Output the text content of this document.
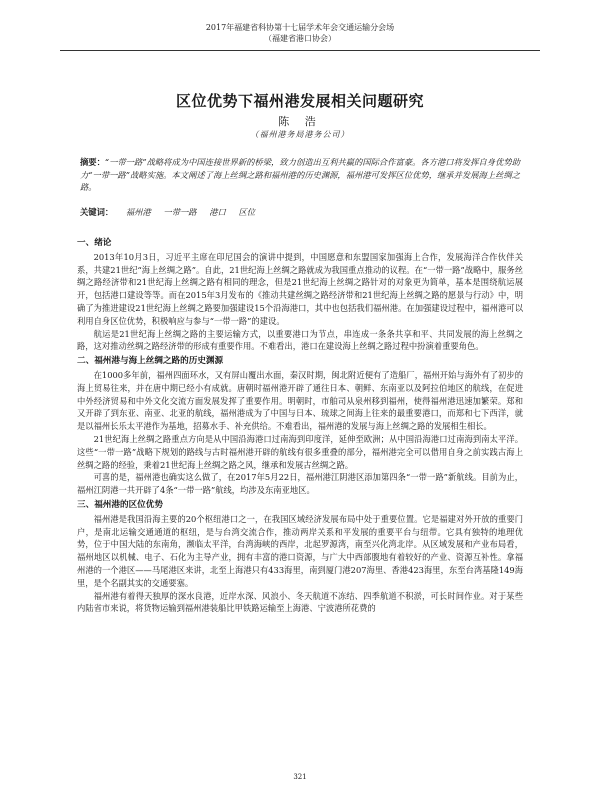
2017年福建省科协第十七届学术年会交通运输分会场
（福建省港口协会）
区位优势下福州港发展相关问题研究
陈 浩
（福州港务局港务公司）
摘要：“一带一路”战略将成为中国连接世界新的桥梁，致力创造出互利共赢的国际合作富豪。各方港口将发挥自身优势助力“一带一路”战略实施。本文阐述了海上丝绸之路和福州港的历史渊源，福州港可发挥区位优势，继承并发展海上丝绸之路。
关键词： 福州港 一带一路 港口 区位
一、绪论

2013年10月3日，习近平主席在印尼国会的演讲中提到，中国愿意和东盟国家加强海上合作，发展海洋合作伙伴关系，共建21世纪“海上丝绸之路”。自此，21世纪海上丝绸之路就成为我国重点推动的议程。在“一带一路”战略中，服务丝绸之路经济带和21世纪海上丝绸之路有相同的理念，但是21世纪海上丝绸之路针对的对象更为简单，基本是围绕航运展开，包括港口建设等等。而在2015年3月发布的《推动共建丝绸之路经济带和21世纪海上丝绸之路的愿景与行动》中，明确了为推进建设21世纪海上丝绸之路要加强建设15个沿海港口，其中也包括我们福州港。在加强建设过程中，福州港可以利用自身区位优势，积极响应与参与“一带一路”的建设。

航运是21世纪海上丝绸之路的主要运输方式，以重要港口为节点，串连成一条条共享和平、共同发展的海上丝绸之路，这对推动丝绸之路经济带的形成有重要作用。不难看出，港口在建设海上丝绸之路过程中扮演着重要角色。

二、福州港与海上丝绸之路的历史渊源

在1000多年前，福州四面环水，又有屏山覆出水面，秦汉时期，闽北附近便有了造船厂，福州开始与海外有了初步的海上贸易往来，并在唐中期已经小有成就。唐朝时福州港开辟了通往日本、朝鲜、东南亚以及阿拉伯地区的航线，在促进中外经济贸易和中外文化交流方面发展发挥了重要作用。明朝时，市舶司从泉州移到福州，使得福州港迅速加繁荣。郑和又开辟了到东亚、南亚、北亚的航线，福州港成为了中国与日本、琉球之间海上往来的最重要港口，而郑和七下西洋，就是以福州长乐太平港作为基地，招募水手、补充供给。不难看出，福州港的发展与海上丝绸之路的发展相生相长。

21世纪海上丝绸之路重点方向是从中国沿海港口过南海到印度洋，延伸至欧洲；从中国沿海港口过南海到南太平洋。这些“一带一路”战略下规划的路线与古时福州港开辟的航线有很多重叠的部分，福州港完全可以借用自身之前实践古海上丝绸之路的经验，秉着21世纪海上丝绸之路之风，继承和发展古丝绸之路。

可喜的是，福州港也确实这么做了，在2017年5月22日，福州港江阴港区添加第四条“一带一路”新航线。目前为止，福州江阴港一共开辟了4条“一带一路”航线，均涉及东南亚地区。

三、福州港的区位优势

福州港是我国沿海主要的20个枢纽港口之一，在我国区域经济发展布局中处于重要位置。它是福建对外开放的重要门户，是南北运输交通通道的枢纽，是与台湾交流合作，推动两岸关系和平发展的重要平台与纽带。它具有独特的地理优势，位于中国大陆的东南角，濒临太平洋，台湾海峡的西岸，北起罗源湾，南至兴化湾北岸。从区域发展和产业布局看，福州地区以机械、电子、石化为主导产业，拥有丰富的港口资源，与广大中西部腹地有着较好的产业、资源互补性。拿福州港的一个港区——马尾港区来讲，北至上海港只有433海里，南到厦门港207海里、香港423海里，东至台湾基隆149海里，是个名副其实的交通要塞。

福州港有着得天独厚的深水良港，近岸水深、风浪小、冬天航道不冻结、四季航道不积淤，可长时间作业。对于某些内陆省市来说，将货物运输到福州港装船比甲铁路运输至上海港、宁波港所花费的

321
